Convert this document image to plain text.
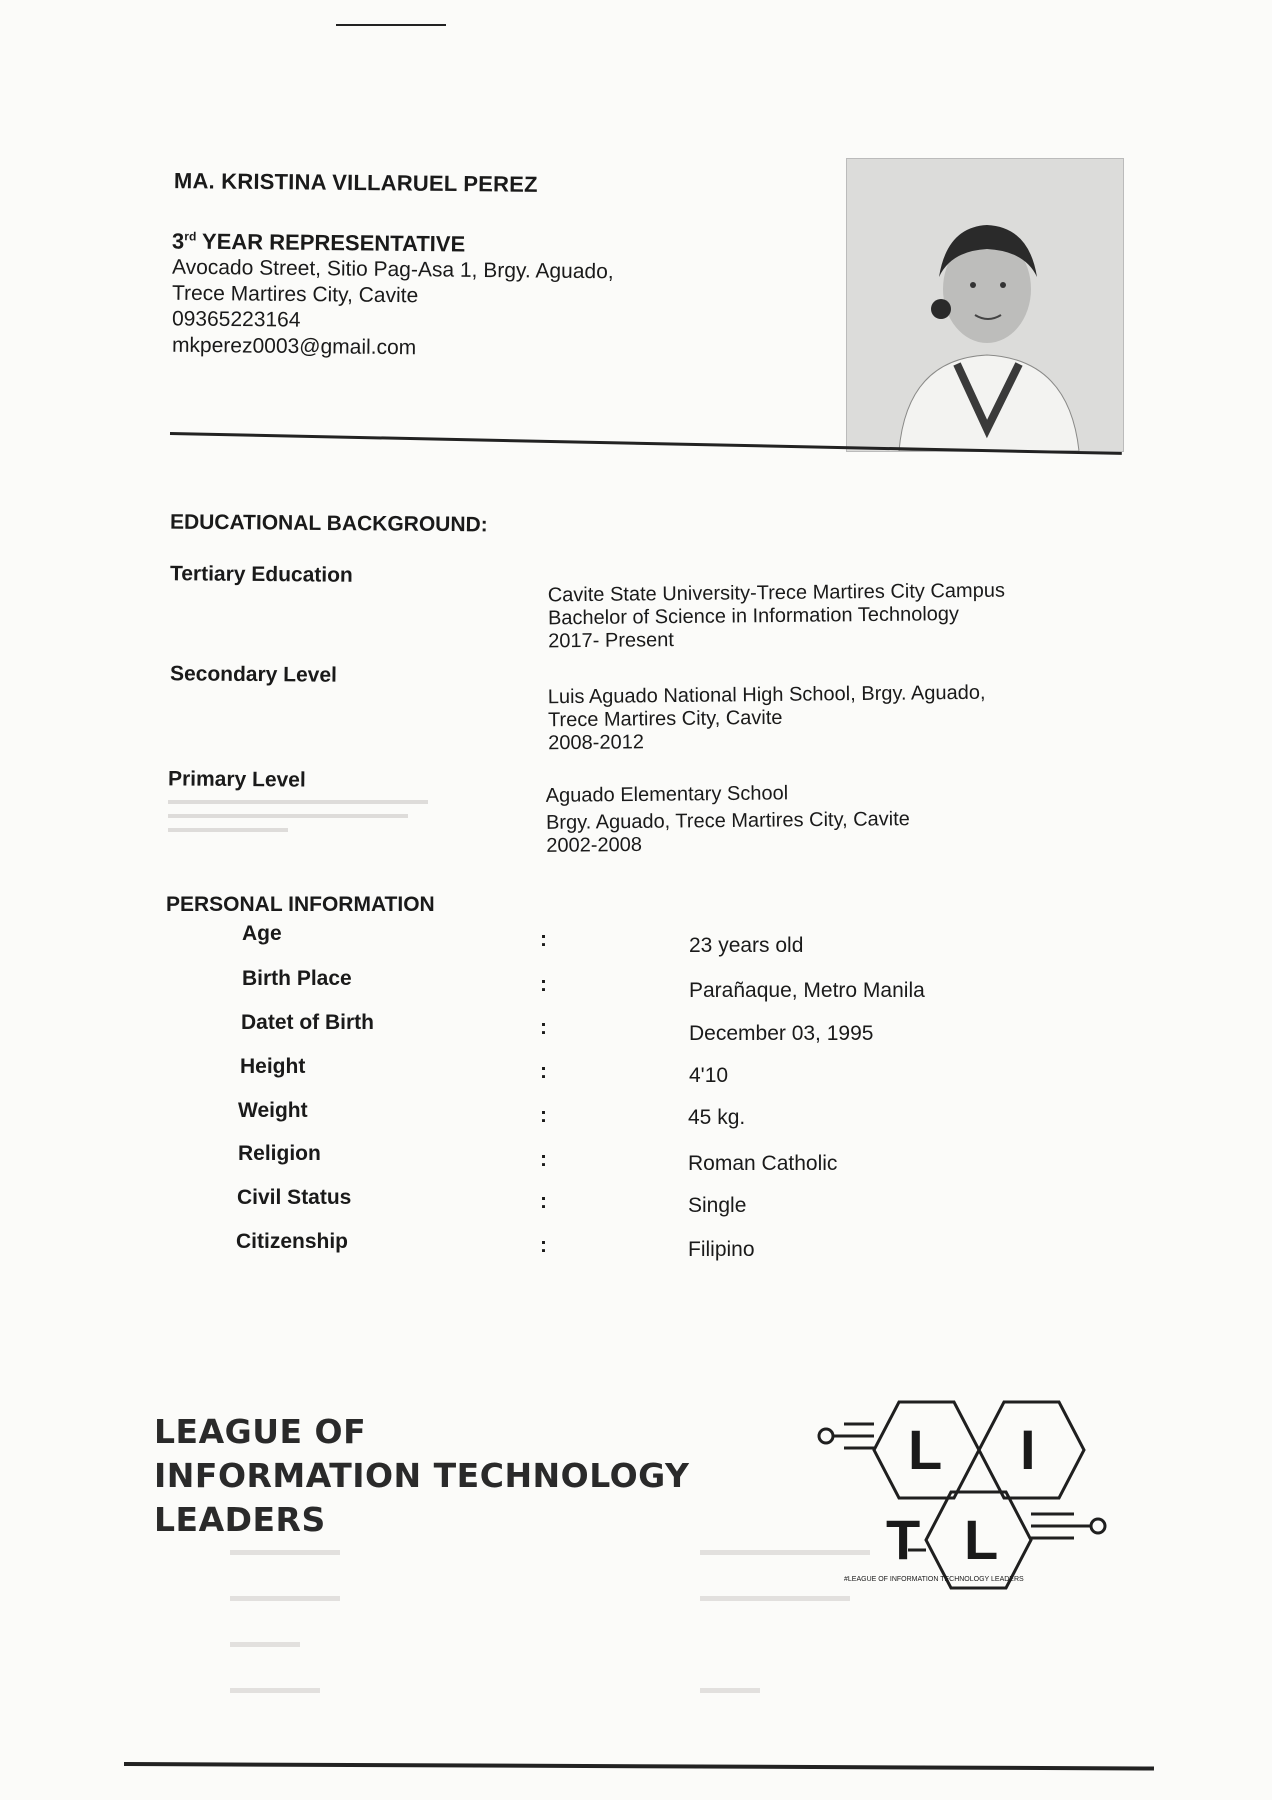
MA. KRISTINA VILLARUEL PEREZ
3rd YEAR REPRESENTATIVE
Avocado Street, Sitio Pag-Asa 1, Brgy. Aguado,
Trece Martires City, Cavite
09365223164
mkperez0003@gmail.com
EDUCATIONAL BACKGROUND:
Tertiary Education
Cavite State University-Trece Martires City Campus
Bachelor of Science in Information Technology
2017- Present
Secondary Level
Luis Aguado National High School, Brgy. Aguado,
Trece Martires City, Cavite
2008-2012
Primary Level
Aguado Elementary School
Brgy. Aguado, Trece Martires City, Cavite
2002-2008
PERSONAL INFORMATION
Age	:	23 years old
Birth Place	:	Parañaque, Metro Manila
Datet of Birth	:	December 03, 1995
Height	:	4'10
Weight	:	45 kg.
Religion	:	Roman Catholic
Civil Status	:	Single
Citizenship	:	Filipino
LEAGUE OF
INFORMATION TECHNOLOGY
LEADERS
L I
T L
#LEAGUE OF INFORMATION TECHNOLOGY LEADERS
